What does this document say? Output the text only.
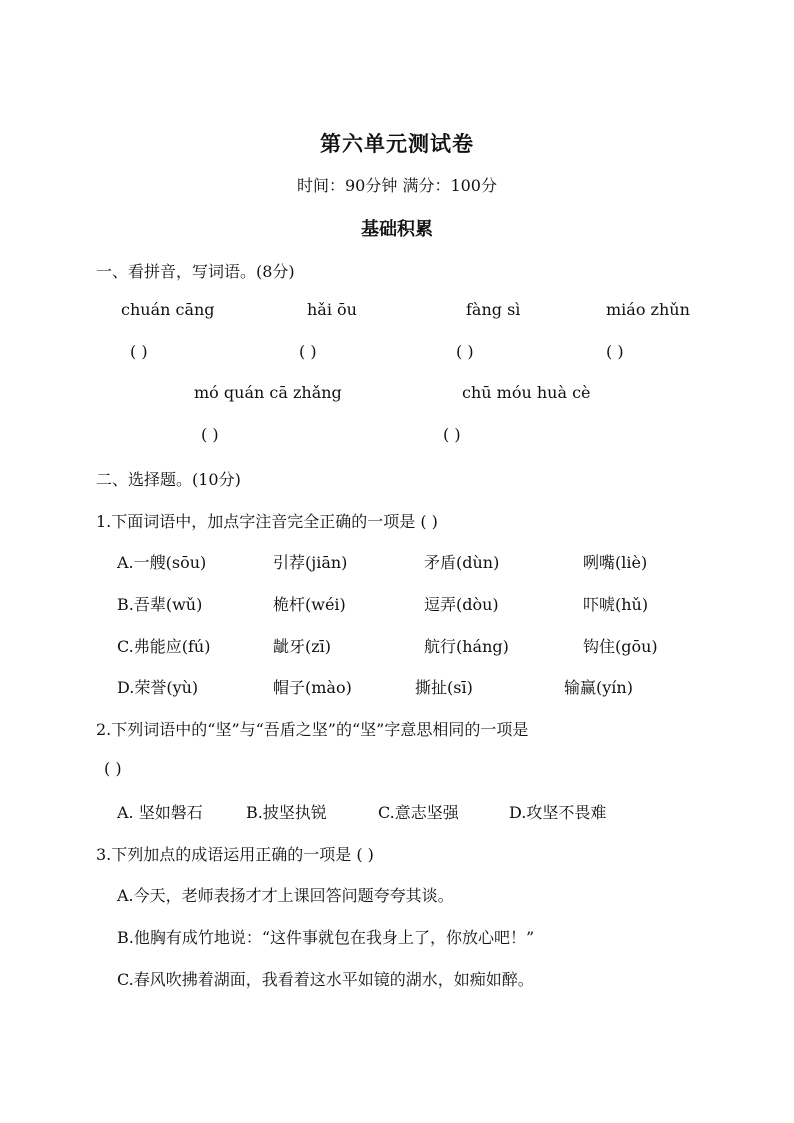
第六单元测试卷
时间：90分钟 满分：100分
基础积累
一、看拼音，写词语。(8分)
chuán cāng	hǎi ōu	fàng sì	miáo zhǔn
( )	( )	( )	( )
mó quán cā zhǎng	chū móu huà cè
( )	( )
二、选择题。(10分)
1.下面词语中，加点字注音完全正确的一项是 ( )
A.一艘(sōu)	引荐(jiān)	矛盾(dùn)	咧嘴(liè)
B.吾辈(wǔ)	桅杆(wéi)	逗弄(dòu)	吓唬(hǔ)
C.弗能应(fú)	龇牙(zī)	航行(háng)	钩住(gōu)
D.荣誉(yù)	帽子(mào)	撕扯(sī)	输赢(yín)
2.下列词语中的“坚”与“吾盾之坚”的“坚”字意思相同的一项是
( )
A. 坚如磐石	B.披坚执锐	C.意志坚强	D.攻坚不畏难
3.下列加点的成语运用正确的一项是 ( )
A.今天，老师表扬才才上课回答问题夸夸其谈。
B.他胸有成竹地说：“这件事就包在我身上了，你放心吧！”
C.春风吹拂着湖面，我看着这水平如镜的湖水，如痴如醉。
